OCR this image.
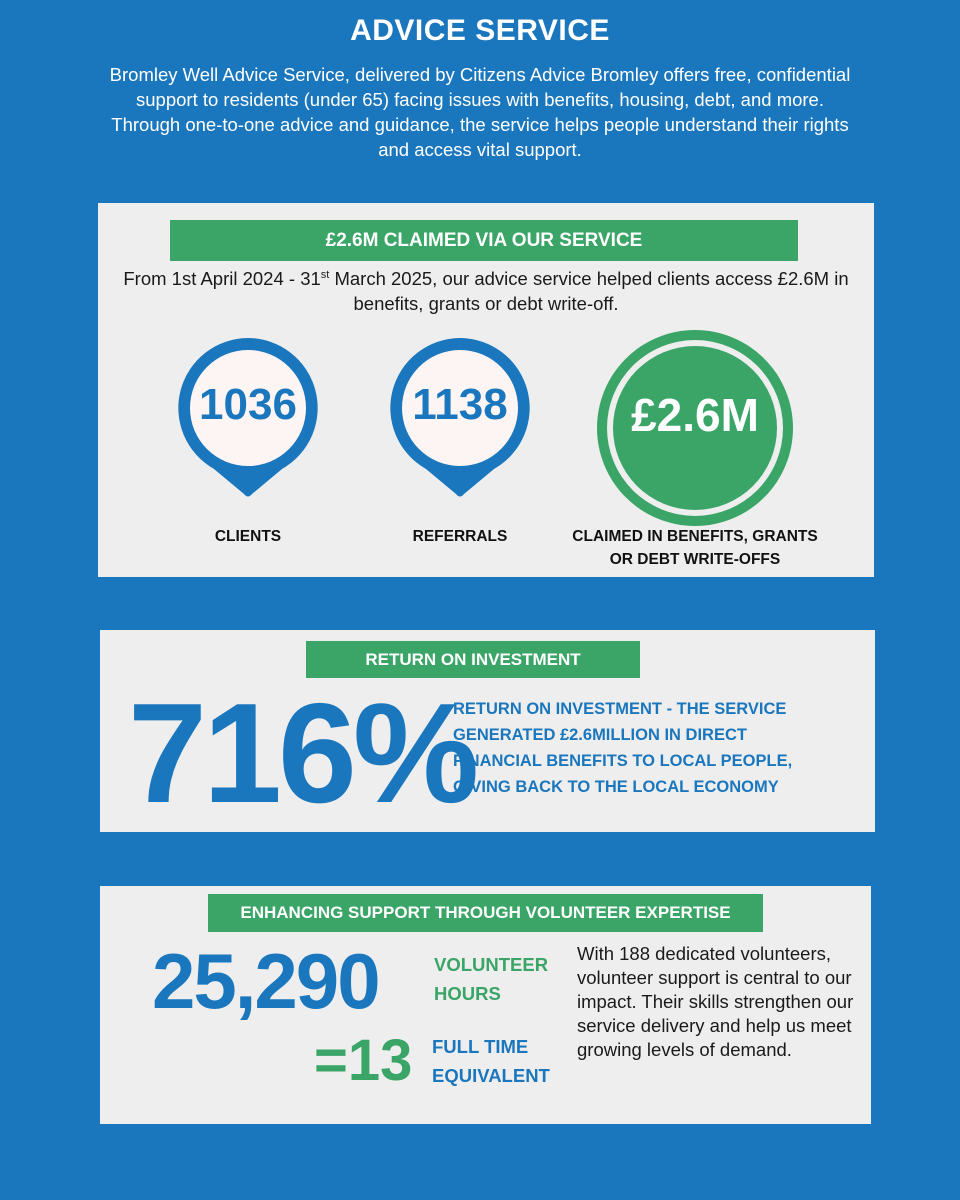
ADVICE SERVICE
Bromley Well Advice Service, delivered by Citizens Advice Bromley offers free, confidential support to residents (under 65) facing issues with benefits, housing, debt, and more. Through one-to-one advice and guidance, the service helps people understand their rights and access vital support.
£2.6M CLAIMED VIA OUR SERVICE
From 1st April 2024 - 31st March 2025, our advice service helped clients access £2.6M in benefits, grants or debt write-off.
1036
CLIENTS
1138
REFERRALS
£2.6M
CLAIMED IN BENEFITS, GRANTS OR DEBT WRITE-OFFS
RETURN ON INVESTMENT
716%
RETURN ON INVESTMENT - THE SERVICE GENERATED £2.6MILLION IN DIRECT FINANCIAL BENEFITS TO LOCAL PEOPLE, GIVING BACK TO THE LOCAL ECONOMY
ENHANCING SUPPORT THROUGH VOLUNTEER EXPERTISE
25,290	VOLUNTEER HOURS
=13 FULL TIME EQUIVALENT
With 188 dedicated volunteers, volunteer support is central to our impact. Their skills strengthen our service delivery and help us meet growing levels of demand.
